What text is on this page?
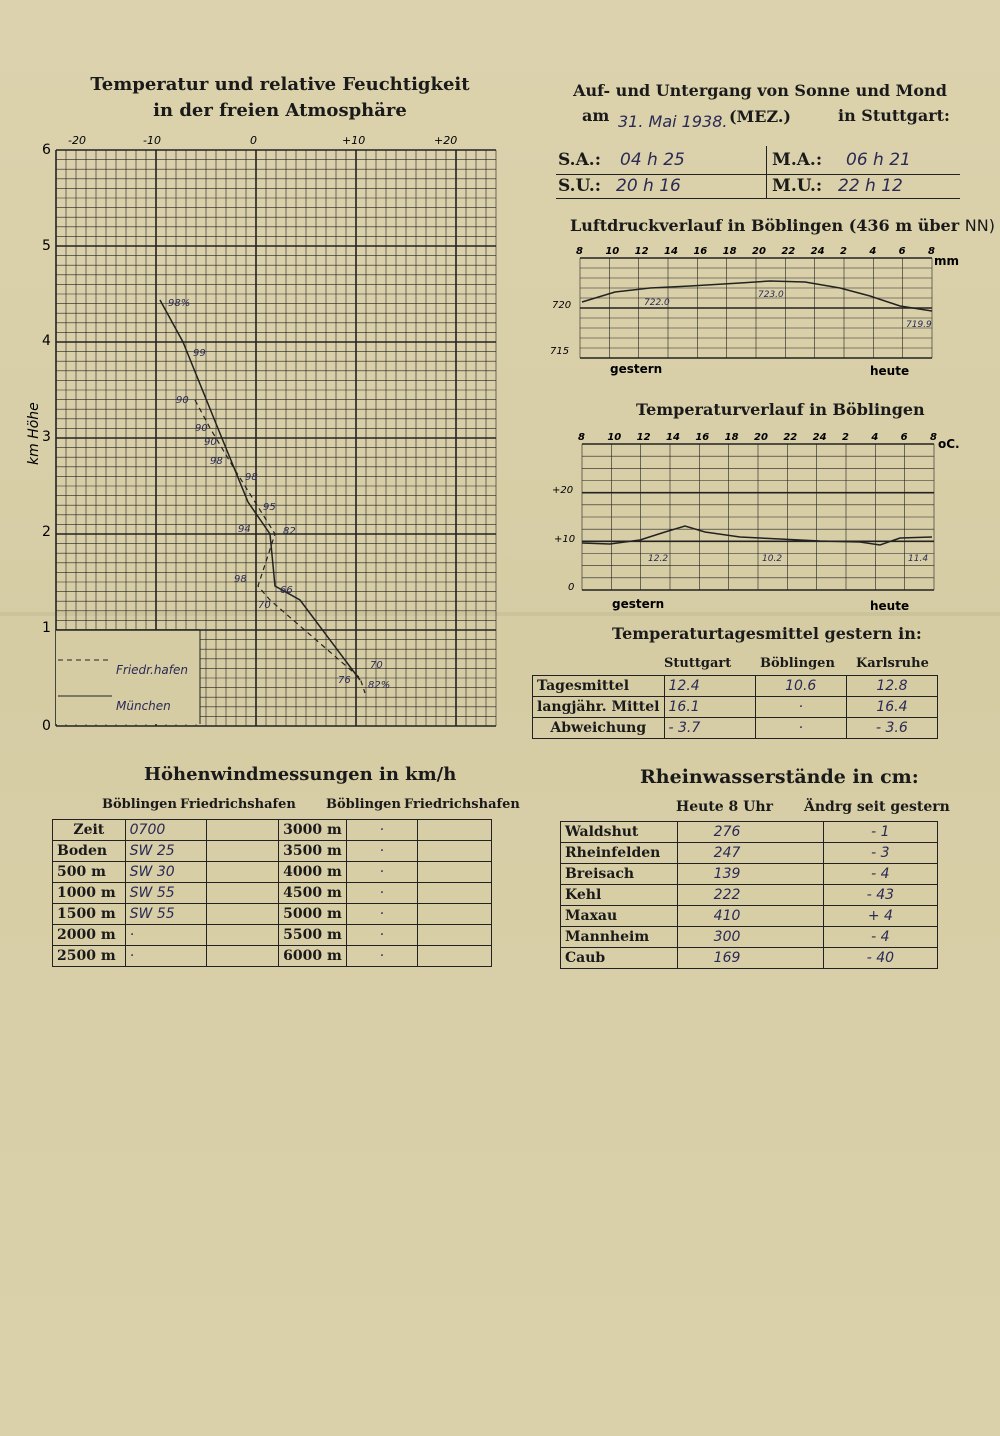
Temperatur und relative Feuchtigkeit
in der freien Atmosphäre
-20	-10	0	+10	+20
6
5
4
3
2
1
0
km Höhe
Friedr.hafen
München
98%
99
90
90
90
98
98
95
94	82
98
66
70
70
76 82%
Auf- und Untergang von Sonne und Mond (MEZ.)
am 31. Mai 1938.	in Stuttgart:
S.A.: 04 h 25
S.U.: 20 h 16
M.A.: 06 h 21
M.U.: 22 h 12
Luftdruckverlauf in Böblingen (436 m über NN)
8 10 12 14 16 18 20 22 24 2 4 6 8
mm
720
715
722.0
723.0
719.9
gestern	heute
Temperaturverlauf in Böblingen
8 10 12 14 16 18 20 22 24 2 4 6 8 oC.
+20
+10
0
12.2	10.2	11.4
gestern	heute
Temperaturtagesmittel gestern in:
Stuttgart Böblingen Karlsruhe
Tagesmittel	12.4	10.6	12.8
langjähr. Mittel	16.1	·	16.4
Abweichung	- 3.7	·	- 3.6
Höhenwindmessungen in km/h
Böblingen Friedrichshafen Böblingen Friedrichshafen
Zeit	0700		3000 m	·	
Boden	SW 25		3500 m	·	
500 m	SW 30		4000 m	·	
1000 m	SW 55		4500 m	·	
1500 m	SW 55		5000 m	·	
2000 m	·		5500 m	·	
2500 m	·		6000 m	·	
Rheinwasserstände in cm:
Heute 8 Uhr Ändrg seit gestern
Waldshut	276	- 1
Rheinfelden	247	- 3
Breisach	139	- 4
Kehl	222	- 43
Maxau	410	+ 4
Mannheim	300	- 4
Caub	169	- 40
